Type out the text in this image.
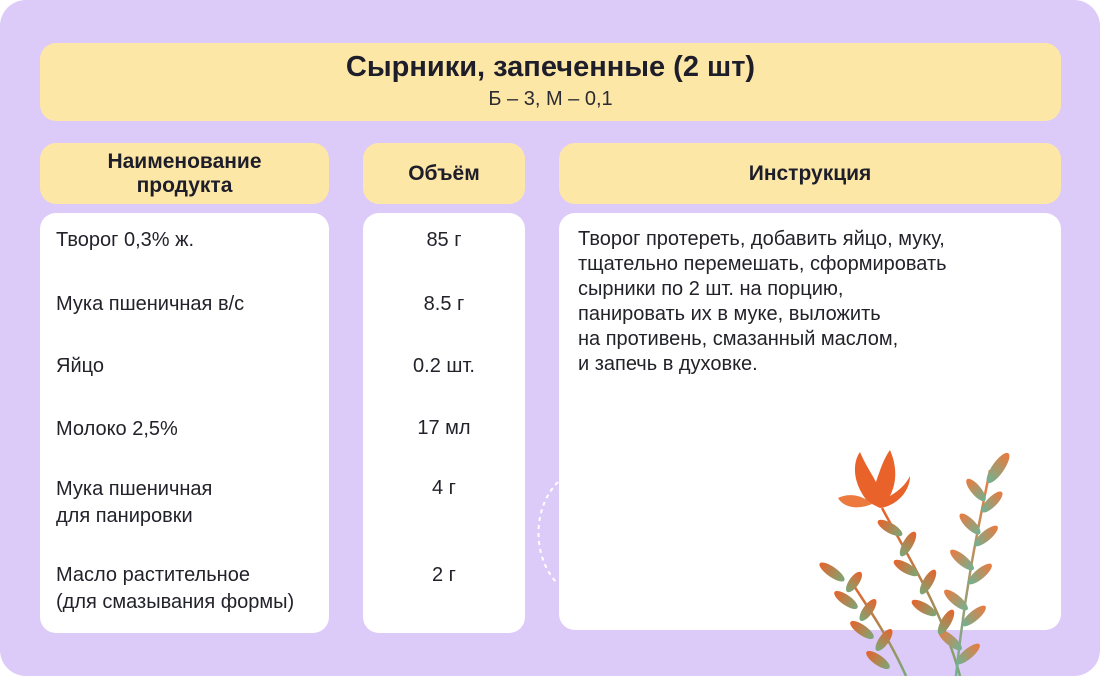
Сырники, запеченные (2 шт)
Б – 3, М – 0,1
Наименование продукта
Объём	Инструкция
Творог 0,3% ж.
Мука пшеничная в/с
Яйцо
Молоко 2,5%
Мука пшеничная
для панировки
Масло растительное
(для смазывания формы)
85 г
8.5 г
0.2 шт.
17 мл
4 г
2 г
Творог протереть, добавить яйцо, муку,
тщательно перемешать, сформировать
сырники по 2 шт. на порцию,
панировать их в муке, выложить
на противень, смазанный маслом,
и запечь в духовке.
